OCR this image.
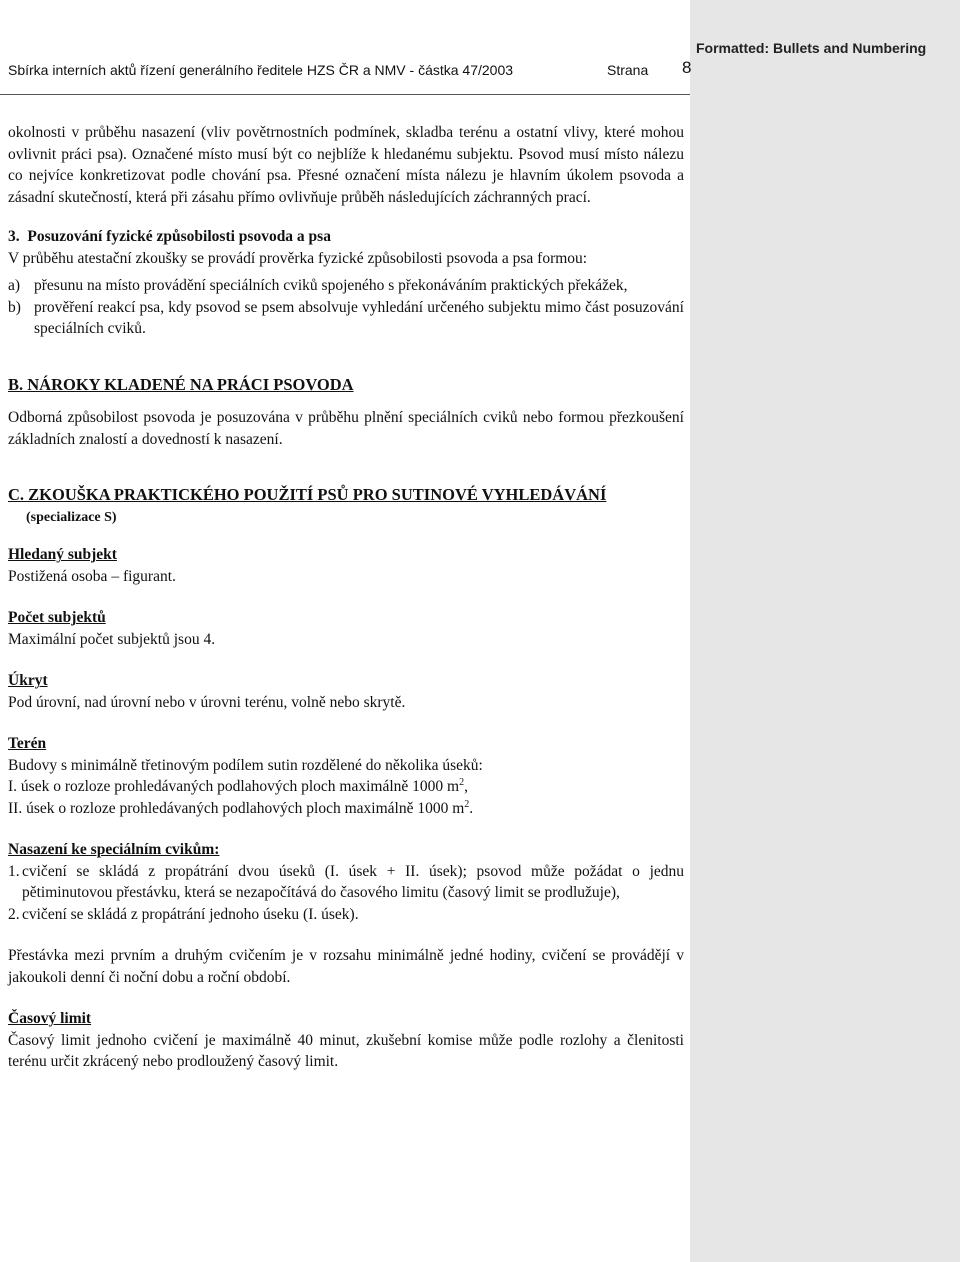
Formatted: Bullets and Numbering
Sbírka interních aktů řízení generálního ředitele HZS ČR a NMV - částka 47/2003	Strana 8

okolnosti v průběhu nasazení (vliv povětrnostních podmínek, skladba terénu a ostatní vlivy, které mohou ovlivnit práci psa). Označené místo musí být co nejblíže k hledanému subjektu. Psovod musí místo nálezu co nejvíce konkretizovat podle chování psa. Přesné označení místa nálezu je hlavním úkolem psovoda a zásadní skutečností, která při zásahu přímo ovlivňuje průběh následujících záchranných prací.

3. Posuzování fyzické způsobilosti psovoda a psa

V průběhu atestační zkoušky se provádí prověrka fyzické způsobilosti psovoda a psa formou:

a) přesunu na místo provádění speciálních cviků spojeného s překonáváním praktických překážek,
b) prověření reakcí psa, kdy psovod se psem absolvuje vyhledání určeného subjektu mimo část posuzování speciálních cviků.

B. NÁROKY KLADENÉ NA PRÁCI PSOVODA

Odborná způsobilost psovoda je posuzována v průběhu plnění speciálních cviků nebo formou přezkoušení základních znalostí a dovedností k nasazení.

C. ZKOUŠKA PRAKTICKÉHO POUŽITÍ PSŮ PRO SUTINOVÉ VYHLEDÁVÁNÍ

(specializace S)

Hledaný subjekt

Postižená osoba – figurant.

Počet subjektů

Maximální počet subjektů jsou 4.

Úkryt

Pod úrovní, nad úrovní nebo v úrovni terénu, volně nebo skrytě.

Terén

Budovy s minimálně třetinovým podílem sutin rozdělené do několika úseků:

I. úsek o rozloze prohledávaných podlahových ploch maximálně 1000 $m^2$,

II. úsek o rozloze prohledávaných podlahových ploch maximálně 1000 $m^2$.

Nasazení ke speciálním cvikům:

1. cvičení se skládá z propátrání dvou úseků (I. úsek + II. úsek); psovod může požádat o jednu pětiminutovou přestávku, která se nezapočítává do časového limitu (časový limit se prodlužuje),
2. cvičení se skládá z propátrání jednoho úseku (I. úsek).

Přestávka mezi prvním a druhým cvičením je v rozsahu minimálně jedné hodiny, cvičení se provádějí v jakoukoli denní či noční dobu a roční období.

Časový limit

Časový limit jednoho cvičení je maximálně 40 minut, zkušební komise může podle rozlohy a členitosti terénu určit zkrácený nebo prodloužený časový limit.
